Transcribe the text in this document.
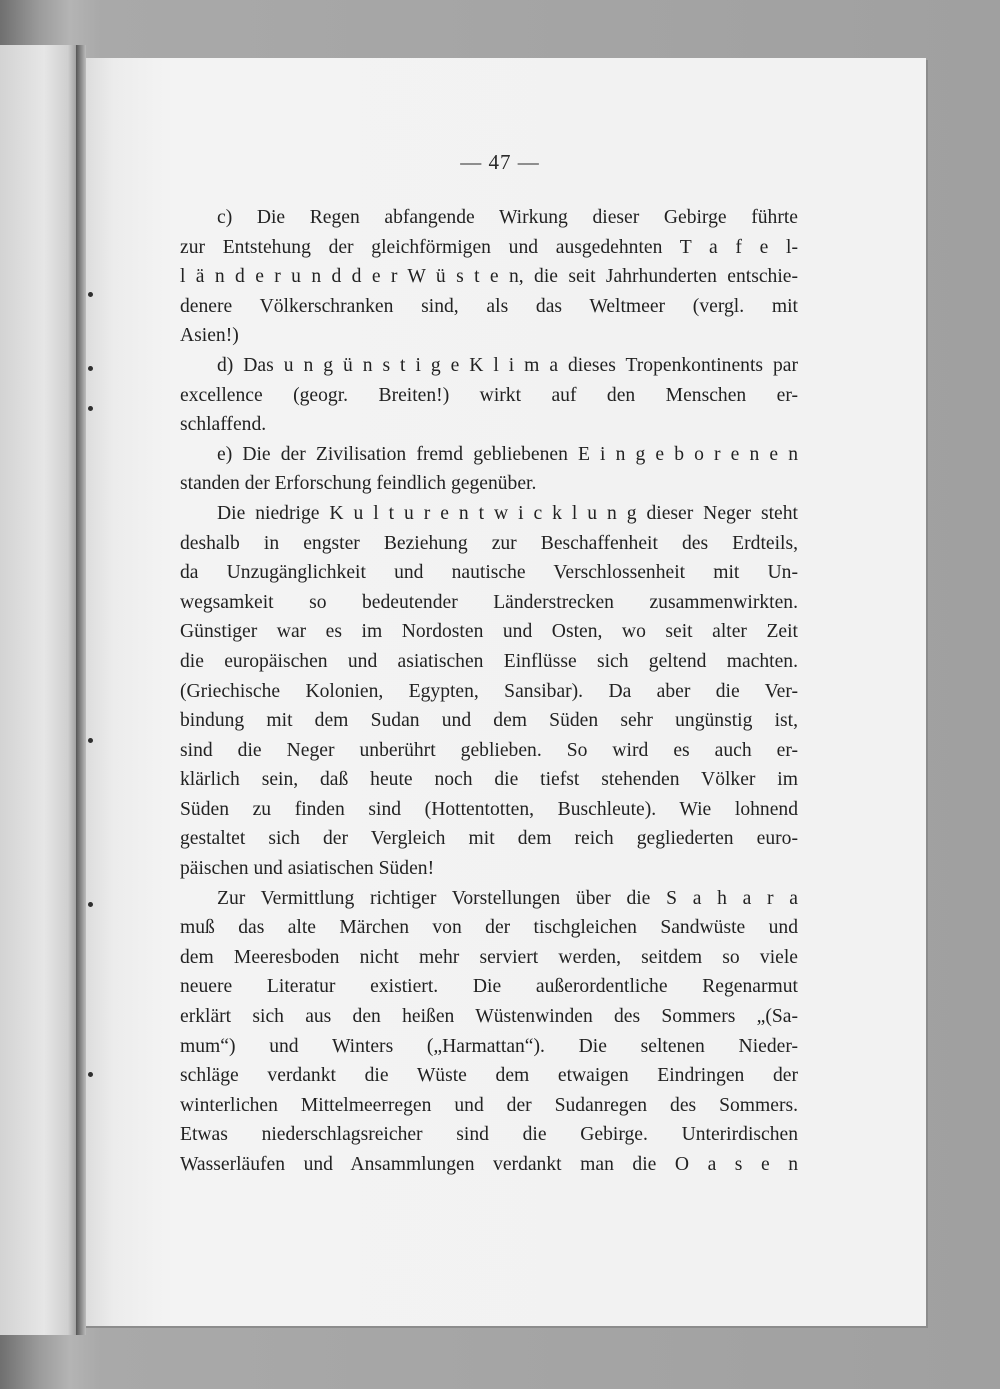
— 47 —
c) Die Regen abfangende Wirkung dieser Gebirge führte
zur Entstehung der gleichförmigen und ausgedehnten T a f e l-
l ä n d e r u n d d e r W ü s t e n, die seit Jahrhunderten entschie-
denere Völkerschranken sind, als das Weltmeer (vergl. mit
Asien!)
d) Das u n g ü n s t i g e K l i m a dieses Tropenkontinents par
excellence (geogr. Breiten!) wirkt auf den Menschen er-
schlaffend.
e) Die der Zivilisation fremd gebliebenen E i n g e b o r e n e n
standen der Erforschung feindlich gegenüber.
Die niedrige K u l t u r e n t w i c k l u n g dieser Neger steht
deshalb in engster Beziehung zur Beschaffenheit des Erdteils,
da Unzugänglichkeit und nautische Verschlossenheit mit Un-
wegsamkeit so bedeutender Länderstrecken zusammenwirkten.
Günstiger war es im Nordosten und Osten, wo seit alter Zeit
die europäischen und asiatischen Einflüsse sich geltend machten.
(Griechische Kolonien, Egypten, Sansibar). Da aber die Ver-
bindung mit dem Sudan und dem Süden sehr ungünstig ist,
sind die Neger unberührt geblieben. So wird es auch er-
klärlich sein, daß heute noch die tiefst stehenden Völker im
Süden zu finden sind (Hottentotten, Buschleute). Wie lohnend
gestaltet sich der Vergleich mit dem reich gegliederten euro-
päischen und asiatischen Süden!
Zur Vermittlung richtiger Vorstellungen über die S a h a r a
muß das alte Märchen von der tischgleichen Sandwüste und
dem Meeresboden nicht mehr serviert werden, seitdem so viele
neuere Literatur existiert. Die außerordentliche Regenarmut
erklärt sich aus den heißen Wüstenwinden des Sommers „(Sa-
mum“) und Winters („Harmattan“). Die seltenen Nieder-
schläge verdankt die Wüste dem etwaigen Eindringen der
winterlichen Mittelmeerregen und der Sudanregen des Sommers.
Etwas niederschlagsreicher sind die Gebirge. Unterirdischen
Wasserläufen und Ansammlungen verdankt man die O a s e n
